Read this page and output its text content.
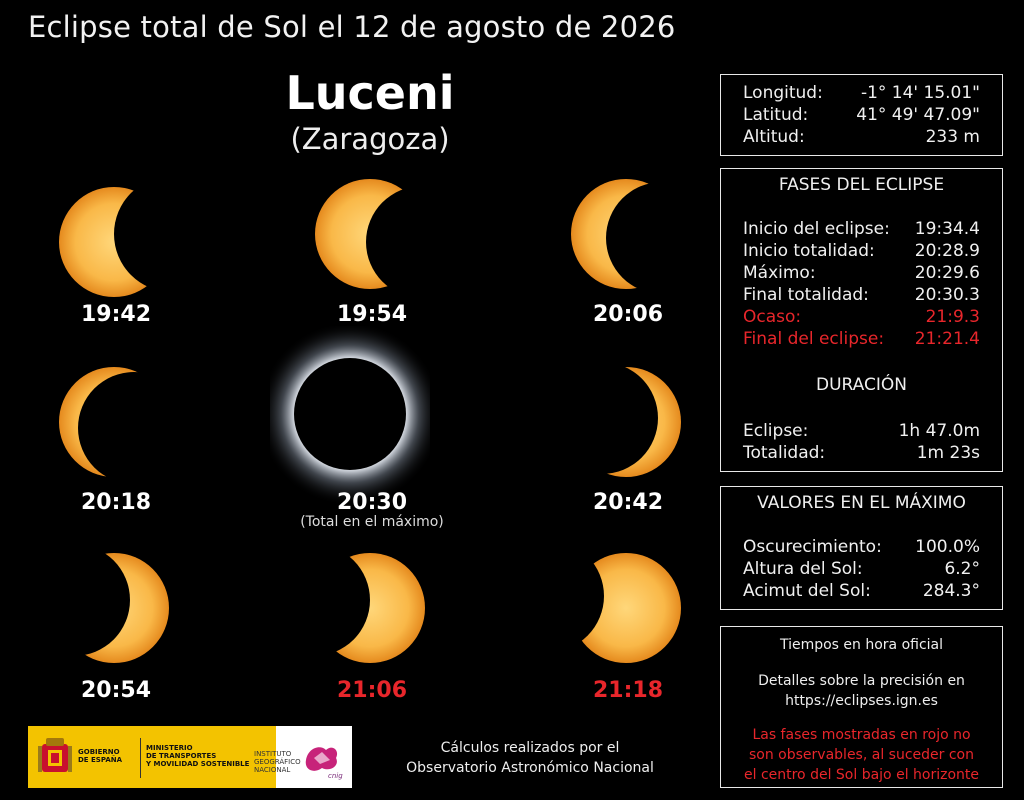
Eclipse total de Sol el 12 de agosto de 2026
Luceni
(Zaragoza)
19:42	19:54	20:06
20:18	20:30
(Total en el máximo)
20:42
20:54	21:06	21:18
Longitud: -1° 14' 15.01"
Latitud:	41° 49' 47.09"
Altitud:	233 m
FASES DEL ECLIPSE
Inicio del eclipse: 19:34.4
Inicio totalidad: 20:28.9
Máximo:	20:29.6
Final totalidad:	20:30.3
Ocaso:	21:9.3
Final del eclipse: 21:21.4
DURACIÓN
Eclipse:	1h 47.0m
Totalidad:	1m 23s
VALORES EN EL MÁXIMO
Oscurecimiento: 100.0%
Altura del Sol:	6.2°
Acimut del Sol:	284.3°
Tiempos en hora oficial
Detalles sobre la precisión en
https://eclipses.ign.es
Las fases mostradas en rojo no
son observables, al suceder con
el centro del Sol bajo el horizonte
Cálculos realizados por el
Observatorio Astronómico Nacional
GOBIERNO
DE ESPAÑA
MINISTERIO
DE TRANSPORTES
Y MOVILIDAD SOSTENIBLE
INSTITUTO
GEOGRÁFICO
NACIONAL
cnig
